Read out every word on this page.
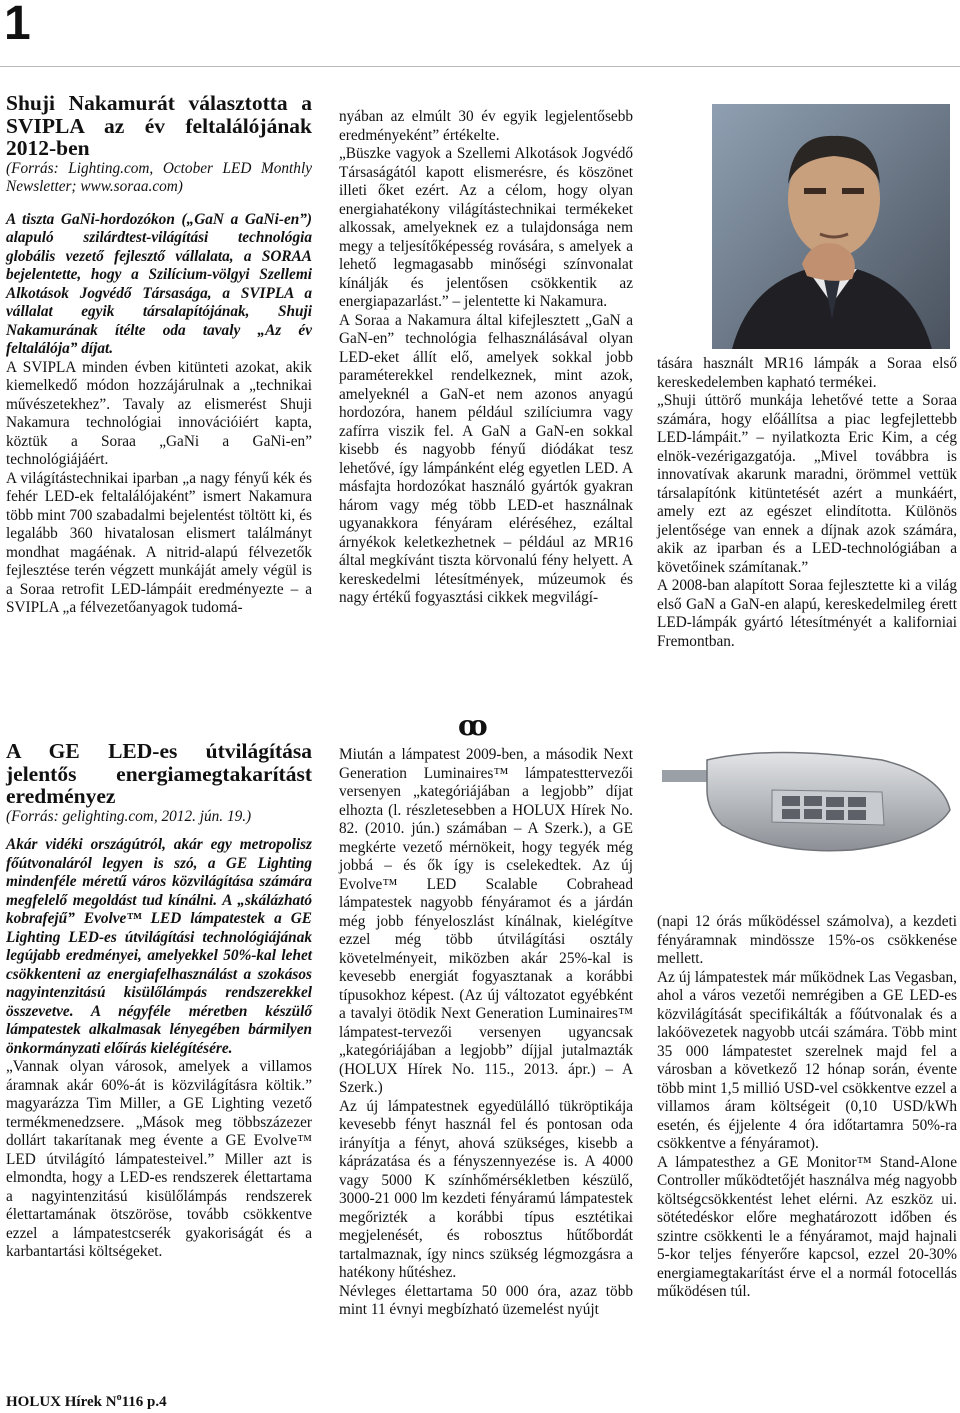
1
Shuji Nakamurát választotta a SVIPLA az év feltalálójának 2012-ben

(Forrás: Lighting.com, October LED Monthly Newsletter; www.soraa.com)

A tiszta GaNi-hordozókon („GaN a GaNi-en”) alapuló szilárdtest-világítási technológia globális vezető fejlesztő vállalata, a SORAA bejelentette, hogy a Szilícium-völgyi Szellemi Alkotások Jogvédő Társasága, a SVIPLA a vállalat egyik társalapítójának, Shuji Nakamurának ítélte oda tavaly „Az év feltalálója” díjat.

A SVIPLA minden évben kitünteti azokat, akik kiemelkedő módon hozzájárulnak a „technikai művészetekhez”. Tavaly az elismerést Shuji Nakamura technológiai innovációiért kapta, köztük a Soraa „GaNi a GaNi-en” technológiájáért.

A világítástechnikai iparban „a nagy fényű kék és fehér LED-ek feltalálójaként” ismert Nakamura több mint 700 szabadalmi bejelentést töltött ki, és legalább 360 hivatalosan elismert találmányt mondhat magáénak. A nitrid-alapú félvezetők fejlesztése terén végzett munkáját amely végül is a Soraa retrofit LED-lámpáit eredményezte – a SVIPLA „a félvezetőanyagok tudomá-

nyában az elmúlt 30 év egyik legjelentősebb eredményeként” értékelte.

„Büszke vagyok a Szellemi Alkotások Jogvédő Társaságától kapott elismerésre, és köszönet illeti őket ezért. Az a célom, hogy olyan energiahatékony világítástechnikai termékeket alkossak, amelyeknek ez a tulajdonsága nem megy a teljesítőképesség rovására, s amelyek a lehető legmagasabb minőségi színvonalat kínálják és jelentősen csökkentik az energiapazarlást.” – jelentette ki Nakamura.

A Soraa a Nakamura által kifejlesztett „GaN a GaN-en” technológia felhasználásával olyan LED-eket állít elő, amelyek sokkal jobb paraméterekkel rendelkeznek, mint azok, amelyeknél a GaN-et nem azonos anyagú hordozóra, hanem például szilíciumra vagy zafírra viszik fel. A GaN a GaN-en sokkal kisebb és nagyobb fényű diódákat tesz lehetővé, így lámpánként elég egyetlen LED. A másfajta hordozókat használó gyártók gyakran három vagy még több LED-et használnak ugyanakkora fényáram eléréséhez, ezáltal árnyékok keletkezhetnek – például az MR16 által megkívánt tiszta körvonalú fény helyett. A kereskedelmi létesítmények, múzeumok és nagy értékű fogyasztási cikkek megvilágí-

tására használt MR16 lámpák a Soraa első kereskedelemben kapható termékei.

„Shuji úttörő munkája lehetővé tette a Soraa számára, hogy előállítsa a piac legfejlettebb LED-lámpáit.” – nyilatkozta Eric Kim, a cég elnök-vezérigazgatója. „Mivel továbbra is innovatívak akarunk maradni, örömmel vettük társalapítónk kitüntetését azért a munkáért, amely ezt az egészet elindította. Különös jelentősége van ennek a díjnak azok számára, akik az iparban és a LED-technológiában a követőinek számítanak.”

A 2008-ban alapított Soraa fejlesztette ki a világ első GaN a GaN-en alapú, kereskedelmileg érett LED-lámpák gyártó létesítményét a kaliforniai Fremontban.

ꝏ
A GE LED-es útvilágítása jelentős energiamegtakarítást eredményez

(Forrás: gelighting.com, 2012. jún. 19.)

Akár vidéki országútról, akár egy metropolisz főútvonaláról legyen is szó, a GE Lighting mindenféle méretű város közvilágítása számára megfelelő megoldást tud kínálni. A „skálázható kobrafejű” Evolve™ LED lámpatestek a GE Lighting LED-es útvilágítási technológiájának legújabb eredményei, amelyekkel 50%-kal lehet csökkenteni az energiafelhasználást a szokásos nagyintenzitású kisülőlámpás rendszerekkel összevetve. A négyféle méretben készülő lámpatestek alkalmasak lényegében bármilyen önkormányzati előírás kielégítésére.

„Vannak olyan városok, amelyek a villamos áramnak akár 60%-át is közvilágításra költik.” magyarázza Tim Miller, a GE Lighting vezető termékmenedzsere. „Mások meg többszázezer dollárt takarítanak meg évente a GE Evolve™ LED útvilágító lámpatesteivel.” Miller azt is elmondta, hogy a LED-es rendszerek élettartama a nagyintenzitású kisülőlámpás rendszerek élettartamának ötszöröse, tovább csökkentve ezzel a lámpatestcserék gyakoriságát és a karbantartási költségeket.

Miután a lámpatest 2009-ben, a második Next Generation Luminaires™ lámpatesttervezői versenyen „kategóriájában a legjobb” díjat elhozta (l. részletesebben a HOLUX Hírek No. 82. (2010. jún.) számában – A Szerk.), a GE megkérte vezető mérnökeit, hogy tegyék még jobbá – és ők így is cselekedtek. Az új Evolve™ LED Scalable Cobrahead lámpatestek nagyobb fényáramot és a járdán még jobb fényeloszlást kínálnak, kielégítve ezzel még több útvilágítási osztály követelményeit, miközben akár 25%-kal is kevesebb energiát fogyasztanak a korábbi típusokhoz képest. (Az új változatot egyébként a tavalyi ötödik Next Generation Luminaires™ lámpatest-tervezői versenyen ugyancsak „kategóriájában a legjobb” díjjal jutalmazták (HOLUX Hírek No. 115., 2013. ápr.) – A Szerk.)

Az új lámpatestnek egyedülálló tükröptikája kevesebb fényt használ fel és pontosan oda irányítja a fényt, ahová szükséges, kisebb a káprázatása és a fényszennyezése is. A 4000 vagy 5000 K színhőmérsékletben készülő, 3000-21 000 lm kezdeti fényáramú lámpatestek megőrizték a korábbi típus esztétikai megjelenését, és robosztus hűtőbordát tartalmaznak, így nincs szükség légmozgásra a hatékony hűtéshez.

Névleges élettartama 50 000 óra, azaz több mint 11 évnyi megbízható üzemelést nyújt

(napi 12 órás működéssel számolva), a kezdeti fényáramnak mindössze 15%-os csökkenése mellett.

Az új lámpatestek már működnek Las Vegasban, ahol a város vezetői nemrégiben a GE LED-es közvilágítását specifikálták a főútvonalak és a lakóövezetek nagyobb utcái számára. Több mint 35 000 lámpatestet szerelnek majd fel a városban a következő 12 hónap során, évente több mint 1,5 millió USD-vel csökkentve ezzel a villamos áram költségeit (0,10 USD/kWh esetén, és éjjelente 4 óra időtartamra 50%-ra csökkentve a fényáramot).

A lámpatesthez a GE Monitor™ Stand-Alone Controller működtetőjét használva még nagyobb költségcsökkentést lehet elérni. Az eszköz ui. sötétedéskor előre meghatározott időben és szintre csökkenti le a fényáramot, majd hajnali 5-kor teljes fényerőre kapcsol, ezzel 20-30% energiamegtakarítást érve el a normál fotocellás működésen túl.

HOLUX Hírek $N^o116$ p.4
